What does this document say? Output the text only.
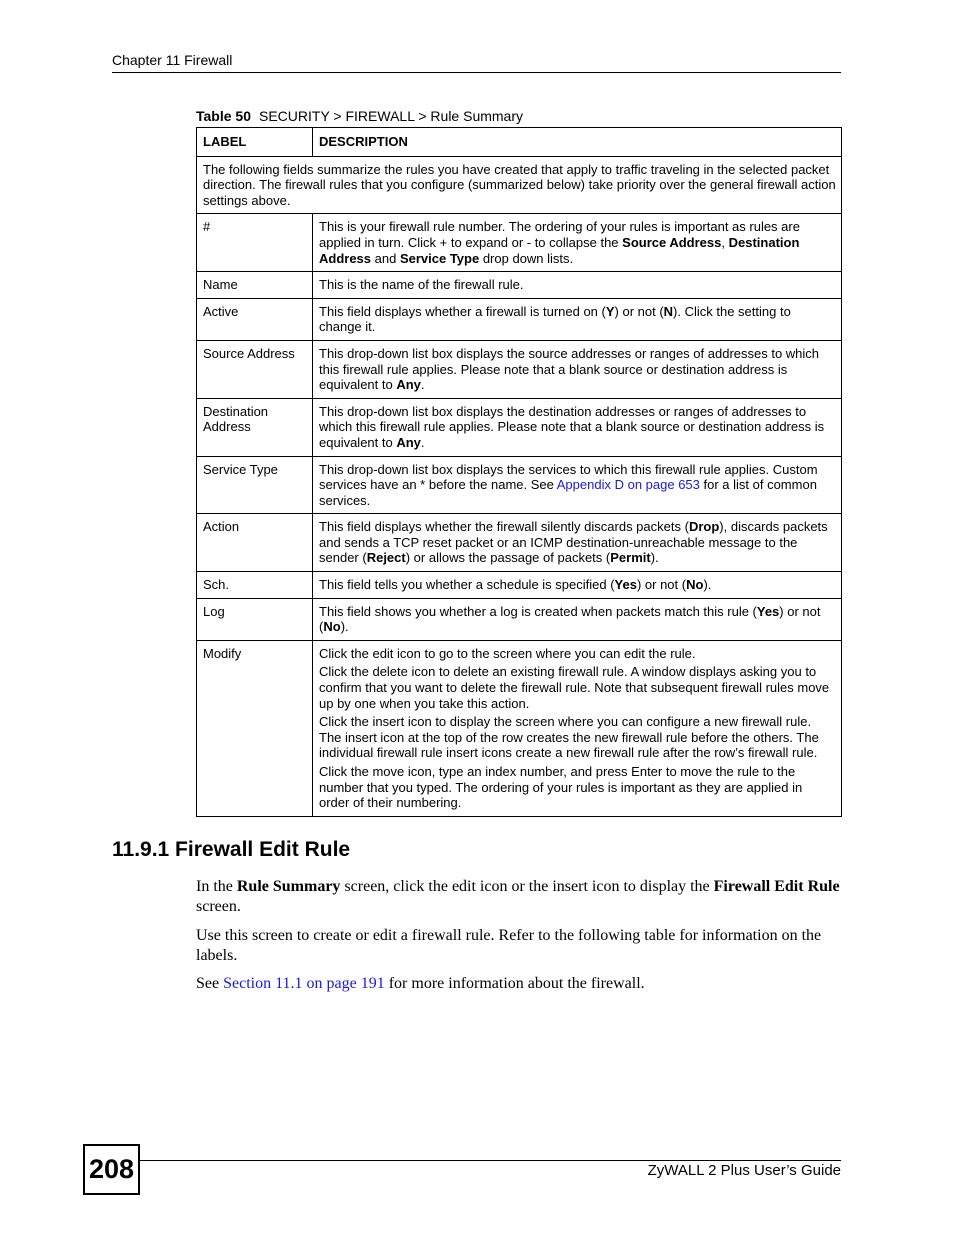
Chapter 11 Firewall
Table 50 SECURITY > FIREWALL > Rule Summary
LABEL	DESCRIPTION
The following fields summarize the rules you have created that apply to traffic traveling in the selected packet direction. The firewall rules that you configure (summarized below) take priority over the general firewall action settings above.	
#	This is your firewall rule number. The ordering of your rules is important as rules are applied in turn. Click + to expand or - to collapse the Source Address, Destination Address and Service Type drop down lists.
Name	This is the name of the firewall rule.
Active	This field displays whether a firewall is turned on (Y) or not (N). Click the setting to change it.
Source Address	This drop-down list box displays the source addresses or ranges of addresses to which this firewall rule applies. Please note that a blank source or destination address is equivalent to Any.
Destination Address	This drop-down list box displays the destination addresses or ranges of addresses to which this firewall rule applies. Please note that a blank source or destination address is equivalent to Any.
Service Type	This drop-down list box displays the services to which this firewall rule applies. Custom services have an * before the name. See Appendix D on page 653 for a list of common services.
Action	This field displays whether the firewall silently discards packets (Drop), discards packets and sends a TCP reset packet or an ICMP destination-unreachable message to the sender (Reject) or allows the passage of packets (Permit).
Sch.	This field tells you whether a schedule is specified (Yes) or not (No).
Log	This field shows you whether a log is created when packets match this rule (Yes) or not (No).
Modify	Click the edit icon to go to the screen where you can edit the rule.

Click the delete icon to delete an existing firewall rule. A window displays asking you to confirm that you want to delete the firewall rule. Note that subsequent firewall rules move up by one when you take this action.

Click the insert icon to display the screen where you can configure a new firewall rule. The insert icon at the top of the row creates the new firewall rule before the others. The individual firewall rule insert icons create a new firewall rule after the row’s firewall rule.

Click the move icon, type an index number, and press Enter to move the rule to the number that you typed. The ordering of your rules is important as they are applied in order of their numbering.

11.9.1 Firewall Edit Rule

In the Rule Summary screen, click the edit icon or the insert icon to display the Firewall Edit Rule screen.

Use this screen to create or edit a firewall rule. Refer to the following table for information on the labels.

See Section 11.1 on page 191 for more information about the firewall.

208	ZyWALL 2 Plus User’s Guide
